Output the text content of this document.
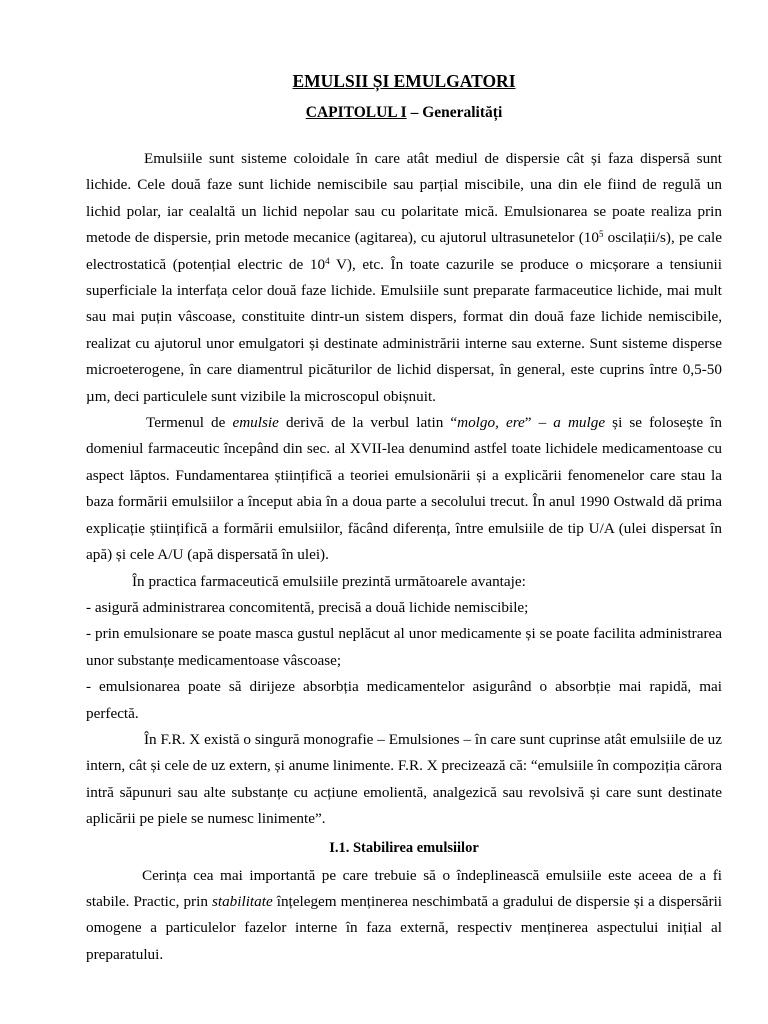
EMULSII ȘI EMULGATORI
CAPITOLUL I – Generalități

Emulsiile sunt sisteme coloidale în care atât mediul de dispersie cât și faza dispersă sunt lichide. Cele două faze sunt lichide nemiscibile sau parțial miscibile, una din ele fiind de regulă un lichid polar, iar cealaltă un lichid nepolar sau cu polaritate mică. Emulsionarea se poate realiza prin metode de dispersie, prin metode mecanice (agitarea), cu ajutorul ultrasunetelor ($10^5$ oscilații/s), pe cale electrostatică (potențial electric de $10^4$ V), etc. În toate cazurile se produce o micșorare a tensiunii superficiale la interfața celor două faze lichide. Emulsiile sunt preparate farmaceutice lichide, mai mult sau mai puțin vâscoase, constituite dintr-un sistem dispers, format din două faze lichide nemiscibile, realizat cu ajutorul unor emulgatori și destinate administrării interne sau externe. Sunt sisteme disperse microeterogene, în care diamentrul picăturilor de lichid dispersat, în general, este cuprins între 0,5-50 µm, deci particulele sunt vizibile la microscopul obișnuit.

Termenul de emulsie derivă de la verbul latin “molgo, ere” – a mulge și se folosește în domeniul farmaceutic începând din sec. al XVII-lea denumind astfel toate lichidele medicamentoase cu aspect lăptos. Fundamentarea științifică a teoriei emulsionării și a explicării fenomenelor care stau la baza formării emulsiilor a început abia în a doua parte a secolului trecut. În anul 1990 Ostwald dă prima explicație științifică a formării emulsiilor, făcând diferența, între emulsiile de tip U/A (ulei dispersat în apă) și cele A/U (apă dispersată în ulei).

În practica farmaceutică emulsiile prezintă următoarele avantaje:

- asigură administrarea concomitentă, precisă a două lichide nemiscibile;

- prin emulsionare se poate masca gustul neplăcut al unor medicamente și se poate facilita administrarea unor substanțe medicamentoase vâscoase;

- emulsionarea poate să dirijeze absorbția medicamentelor asigurând o absorbție mai rapidă, mai perfectă.

În F.R. X există o singură monografie – Emulsiones – în care sunt cuprinse atât emulsiile de uz intern, cât și cele de uz extern, și anume linimente. F.R. X precizează că: “emulsiile în compoziția cărora intră săpunuri sau alte substanțe cu acțiune emolientă, analgezică sau revolsivă și care sunt destinate aplicării pe piele se numesc linimente”.

I.1. Stabilirea emulsiilor

Cerința cea mai importantă pe care trebuie să o îndeplinească emulsiile este aceea de a fi stabile. Practic, prin stabilitate înțelegem menținerea neschimbată a gradului de dispersie și a dispersării omogene a particulelor fazelor interne în faza externă, respectiv menținerea aspectului inițial al preparatului.
